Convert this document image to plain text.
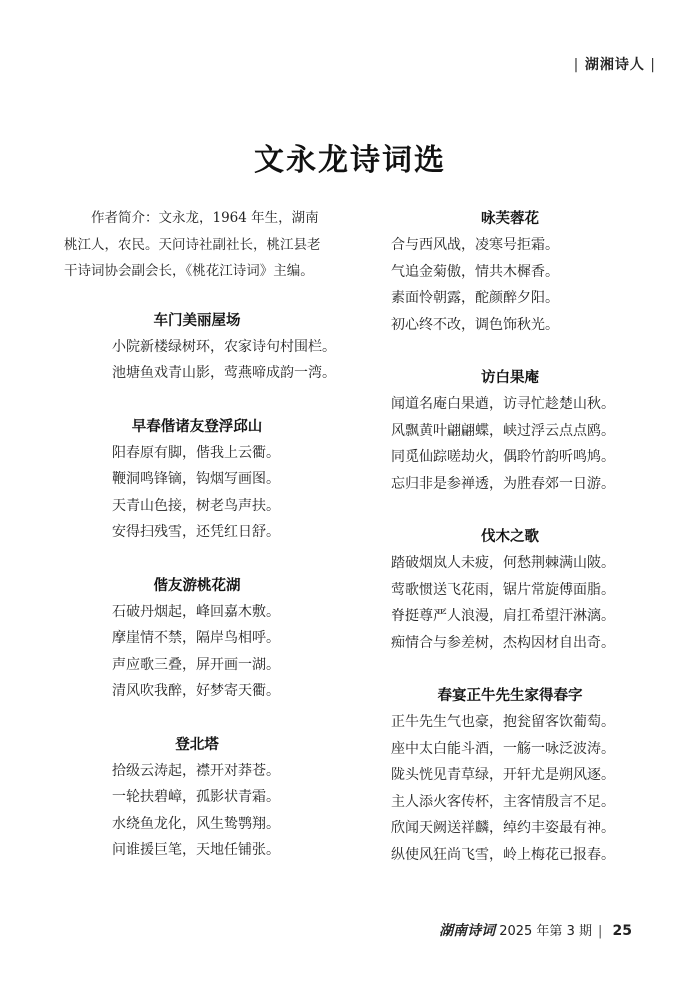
| 湖湘诗人 |
文永龙诗词选

作者简介：文永龙，1964 年生，湖南桃江人，农民。天问诗社副社长，桃江县老干诗词协会副会长，《桃花江诗词》主编。

车门美丽屋场
小院新楼绿树环，农家诗句村围栏。
池塘鱼戏青山影，莺燕啼成韵一湾。
早春偕诸友登浮邱山
阳春原有脚，偕我上云衢。
鞭洞鸣锋镝，钩烟写画图。
天青山色接，树老鸟声扶。
安得扫残雪，还凭红日舒。
偕友游桃花湖
石破丹烟起，峰回嘉木敷。
摩崖情不禁，隔岸鸟相呼。
声应歌三叠，屏开画一湖。
清风吹我醉，好梦寄天衢。
登北塔
拾级云涛起，襟开对莽苍。
一轮扶碧嶂，孤影状青霜。
水绕鱼龙化，风生鸷鹗翔。
问谁援巨笔，天地任铺张。
咏芙蓉花
合与西风战，凌寒号拒霜。
气追金菊傲，情共木樨香。
素面怜朝露，酡颜醉夕阳。
初心终不改，调色饰秋光。
访白果庵
闻道名庵白果遒，访寻忙趁楚山秋。
风飘黄叶翩翩蝶，峡过浮云点点鸥。
同觅仙踪嗟劫火，偶聆竹韵听鸣鸠。
忘归非是参禅透，为胜春郊一日游。
伐木之歌
踏破烟岚人未疲，何愁荆棘满山陂。
莺歌惯送飞花雨，锯片常旋傅面脂。
脊挺尊严人浪漫，肩扛希望汗淋漓。
痴情合与参差树，杰构因材自出奇。
春宴正牛先生家得春字
正牛先生气也豪，抱瓮留客饮葡萄。
座中太白能斗酒，一觞一咏泛波涛。
陇头恍见青草绿，开轩尤是朔风逐。
主人添火客传杯，主客情殷言不足。
欣闻天阙送祥麟，绰约丰姿最有神。
纵使风狂尚飞雪，岭上梅花已报春。
湖南诗词 2025 年第 3 期 | 25
